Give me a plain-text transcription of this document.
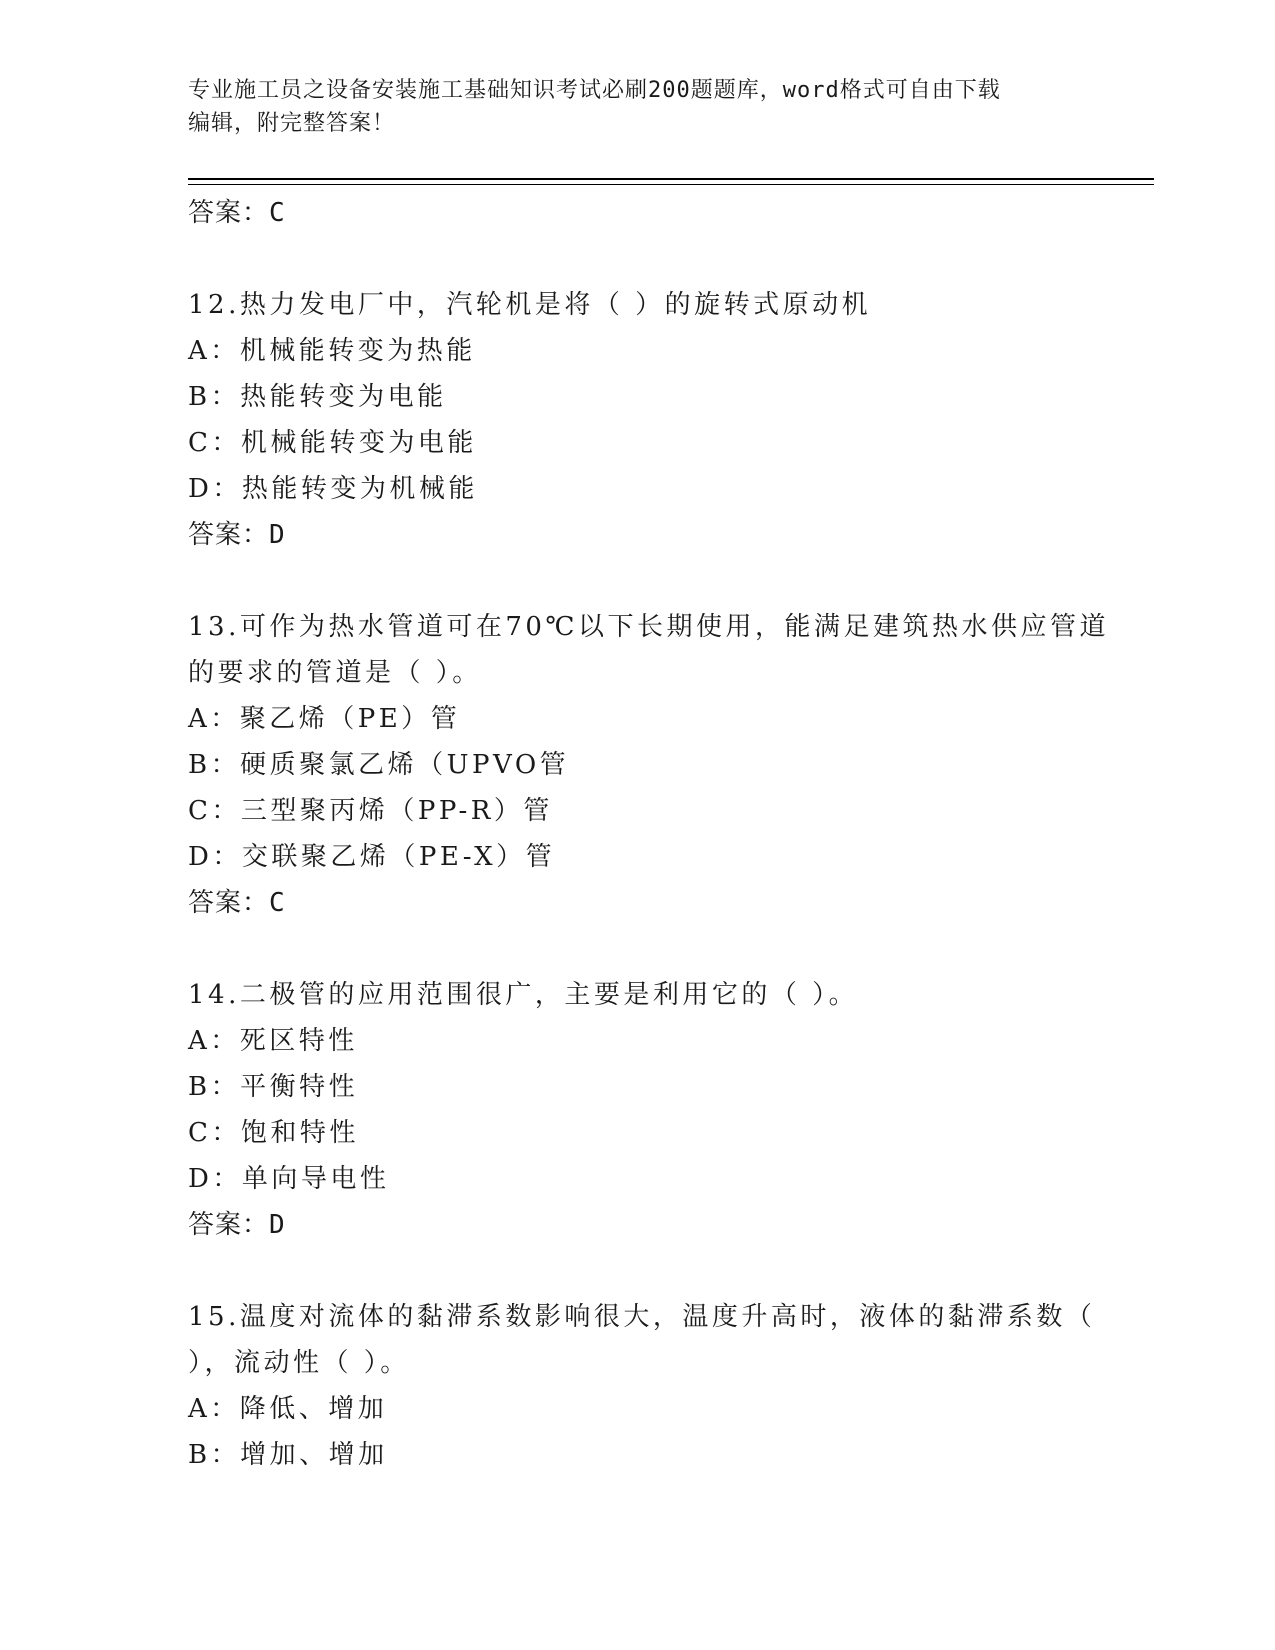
专业施工员之设备安装施工基础知识考试必刷200题题库，word格式可自由下载
编辑，附完整答案！
答案：C
12.热力发电厂中，汽轮机是将（ ）的旋转式原动机
A：机械能转变为热能
B：热能转变为电能
C：机械能转变为电能
D：热能转变为机械能
答案：D
13.可作为热水管道可在70℃以下长期使用，能满足建筑热水供应管道
的要求的管道是（ ）。
A：聚乙烯（PE）管
B：硬质聚氯乙烯（UPVO管
C：三型聚丙烯（PP-R）管
D：交联聚乙烯（PE-X）管
答案：C
14.二极管的应用范围很广，主要是利用它的（ ）。
A：死区特性
B：平衡特性
C：饱和特性
D：单向导电性
答案：D
15.温度对流体的黏滞系数影响很大，温度升高时，液体的黏滞系数（
），流动性（ ）。
A：降低、增加
B：增加、增加
